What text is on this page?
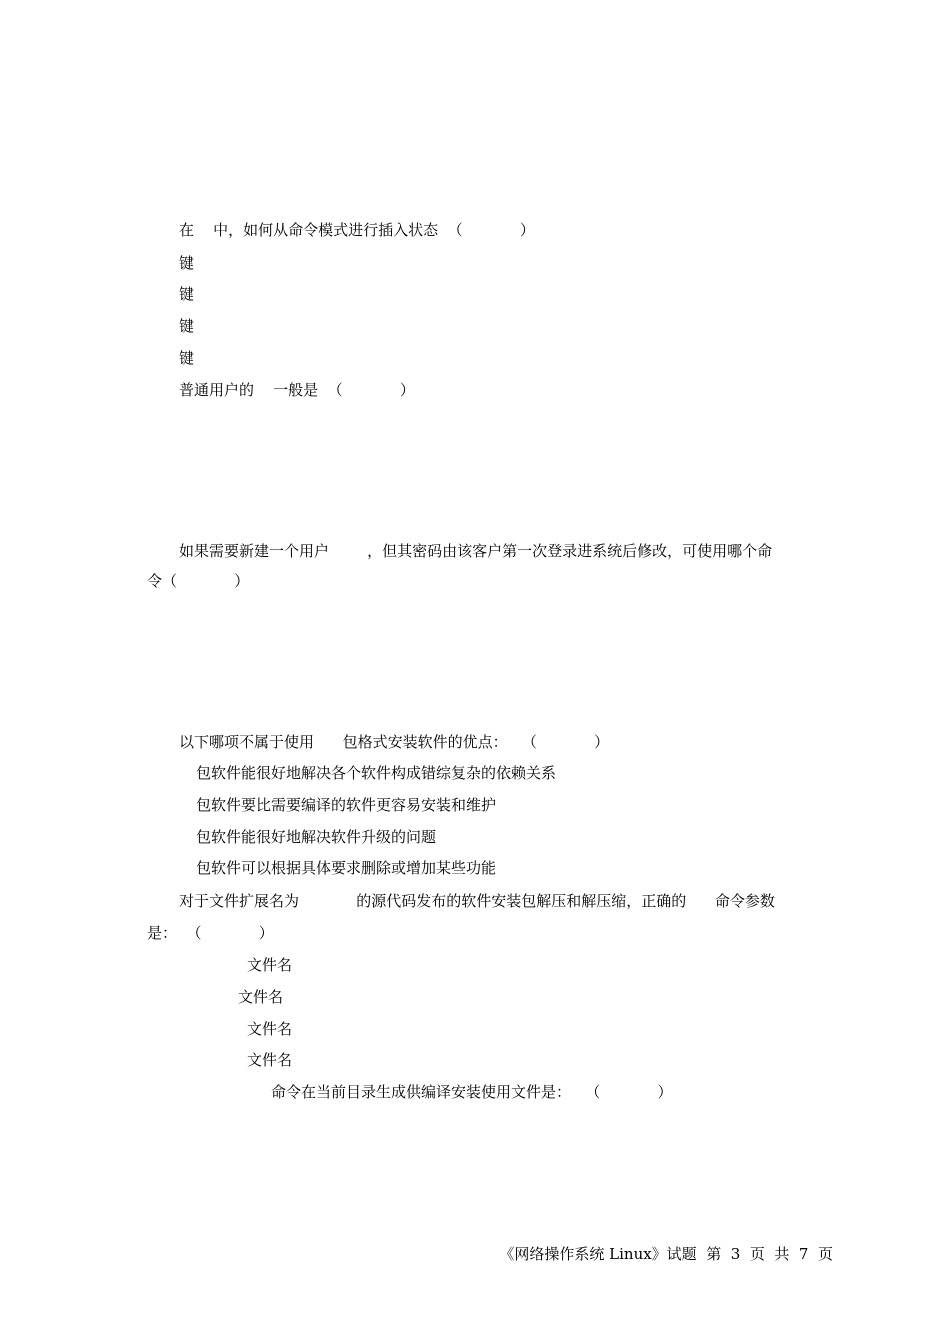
在    中，如何从命令模式进行插入状态  （            ）
键
键
键
键
普通用户的    一般是  （            ）
如果需要新建一个用户        ，但其密码由该客户第一次登录进系统后修改，可使用哪个命
令（            ）
以下哪项不属于使用      包格式安装软件的优点：   （            ）
包软件能很好地解决各个软件构成错综复杂的依赖关系
包软件要比需要编译的软件更容易安装和维护
包软件能很好地解决软件升级的问题
包软件可以根据具体要求删除或增加某些功能
对于文件扩展名为            的源代码发布的软件安装包解压和解压缩，正确的      命令参数
是：  （            ）
文件名
文件名
文件名
文件名
命令在当前目录生成供编译安装使用文件是：   （            ）
《网络操作系统 Linux》试题  第  3  页  共  7  页
